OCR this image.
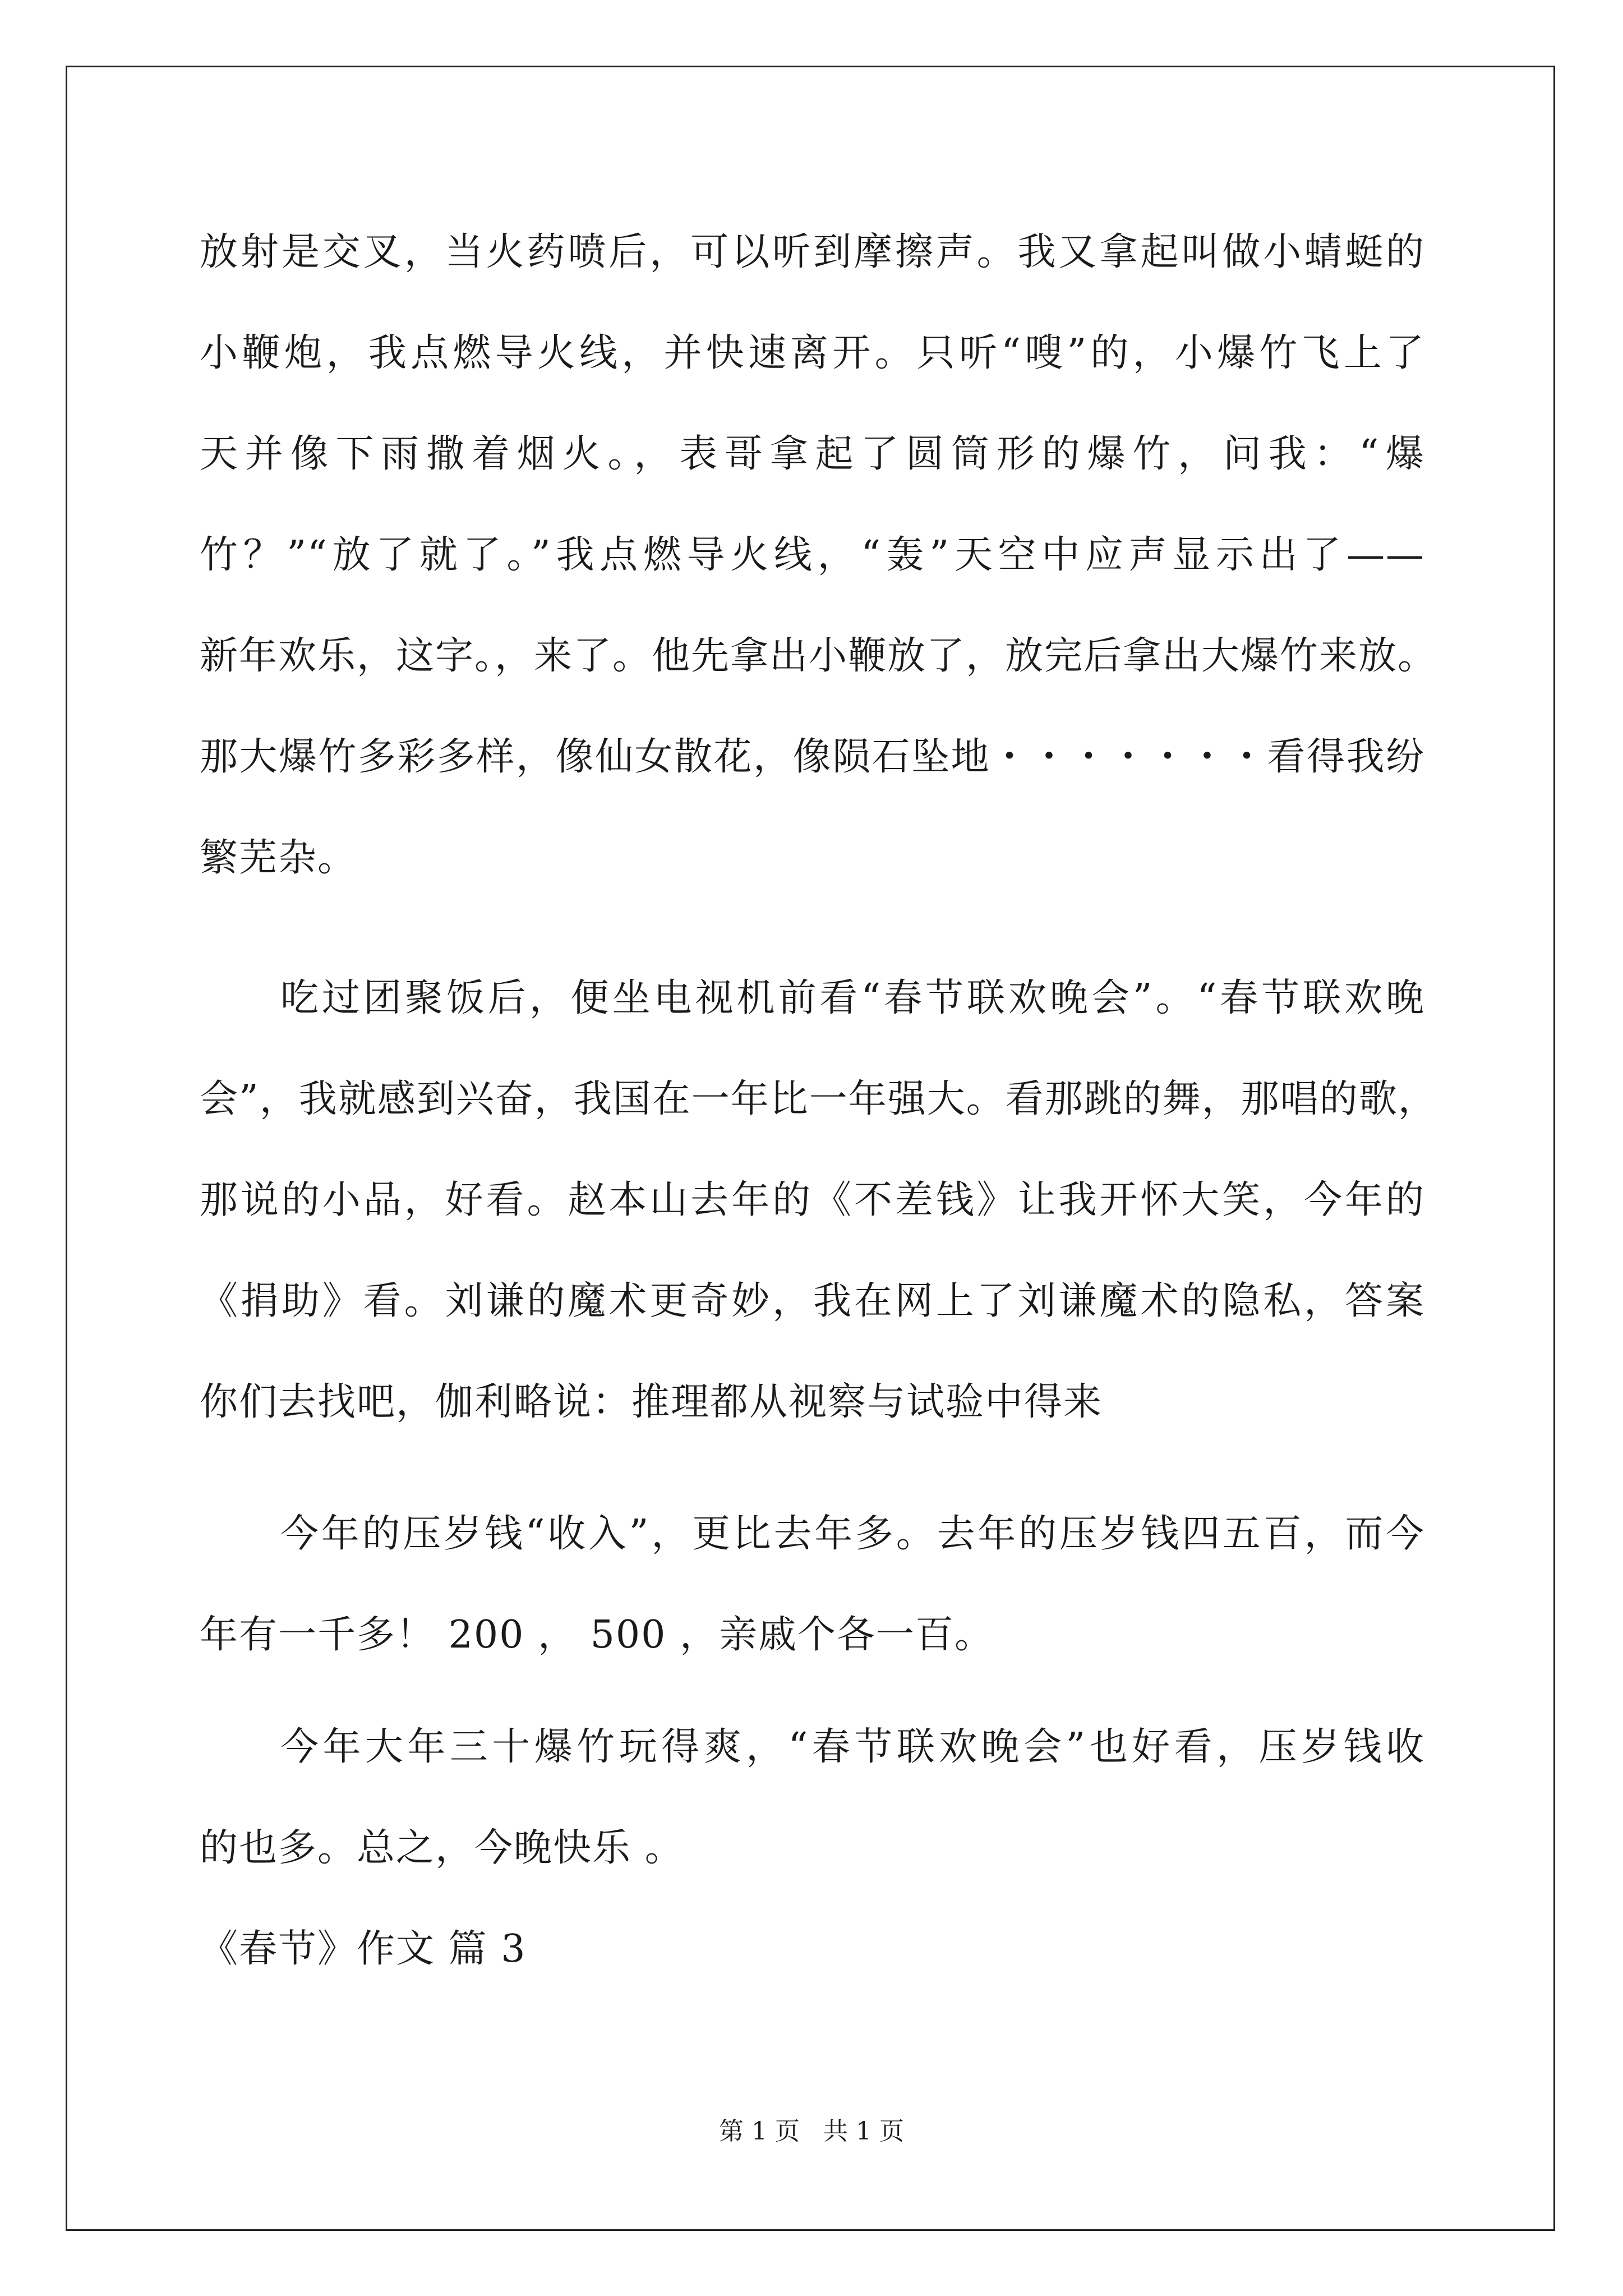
放射是交叉，当火药喷后，可以听到摩擦声。我又拿起叫做小蜻蜓的
小鞭炮，我点燃导火线，并快速离开。只听“嗖”的，小爆竹飞上了
天并像下雨撒着烟火。，表哥拿起了圆筒形的爆竹，问我：“爆
竹？”“放了就了。”我点燃导火线，“轰”天空中应声显示出了——
新年欢乐，这字。，来了。他先拿出小鞭放了，放完后拿出大爆竹来放。
那大爆竹多彩多样，像仙女散花，像陨石坠地・・・・・・・看得我纷
繁芜杂。
吃过团聚饭后，便坐电视机前看“春节联欢晚会”。“春节联欢晚
会”，我就感到兴奋，我国在一年比一年强大。看那跳的舞，那唱的歌，
那说的小品，好看。赵本山去年的《不差钱》让我开怀大笑，今年的
《捐助》看。刘谦的魔术更奇妙，我在网上了刘谦魔术的隐私，答案
你们去找吧，伽利略说：推理都从视察与试验中得来
今年的压岁钱“收入”，更比去年多。去年的压岁钱四五百，而今
年有一千多！ 200 ， 500 ，亲戚个各一百。
今年大年三十爆竹玩得爽，“春节联欢晚会”也好看，压岁钱收
的也多。总之，今晚快乐 。
《春节》作文 篇 3
第 1 页   共 1 页
